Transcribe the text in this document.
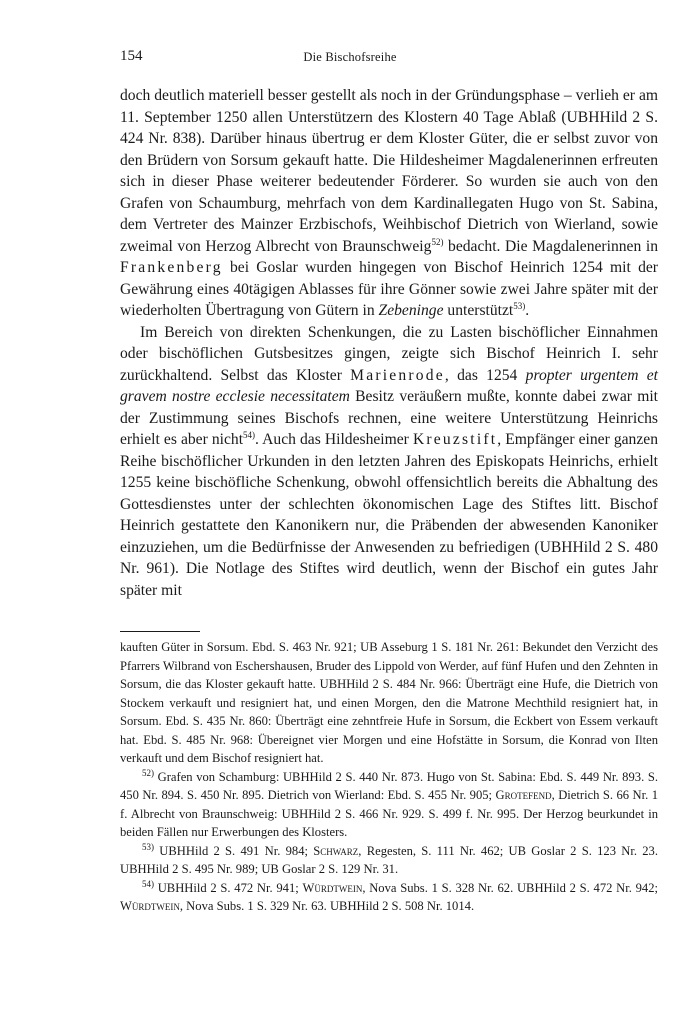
154	Die Bischofsreihe

doch deutlich materiell besser gestellt als noch in der Gründungsphase – verlieh er am 11. September 1250 allen Unterstützern des Klostern 40 Tage Ablaß (UBHHild 2 S. 424 Nr. 838). Darüber hinaus übertrug er dem Kloster Güter, die er selbst zuvor von den Brüdern von Sorsum gekauft hatte. Die Hildesheimer Magdalenerinnen erfreuten sich in dieser Phase weiterer bedeutender Förderer. So wurden sie auch von den Grafen von Schaumburg, mehrfach von dem Kardinallegaten Hugo von St. Sabina, dem Vertreter des Mainzer Erzbischofs, Weihbischof Dietrich von Wierland, sowie zweimal von Herzog Albrecht von Braunschweig$^{52)}$ bedacht. Die Magdalenerinnen in Frankenberg bei Goslar wurden hingegen von Bischof Heinrich 1254 mit der Gewährung eines 40tägigen Ablasses für ihre Gönner sowie zwei Jahre später mit der wiederholten Übertragung von Gütern in Zebeninge unterstützt$^{53)}$.

Im Bereich von direkten Schenkungen, die zu Lasten bischöflicher Einnahmen oder bischöflichen Gutsbesitzes gingen, zeigte sich Bischof Heinrich I. sehr zurückhaltend. Selbst das Kloster Marienrode, das 1254 propter urgentem et gravem nostre ecclesie necessitatem Besitz veräußern mußte, konnte dabei zwar mit der Zustimmung seines Bischofs rechnen, eine weitere Unterstützung Heinrichs erhielt es aber nicht$^{54)}$. Auch das Hildesheimer Kreuzstift, Empfänger einer ganzen Reihe bischöflicher Urkunden in den letzten Jahren des Episkopats Heinrichs, erhielt 1255 keine bischöfliche Schenkung, obwohl offensichtlich bereits die Abhaltung des Gottesdienstes unter der schlechten ökonomischen Lage des Stiftes litt. Bischof Heinrich gestattete den Kanonikern nur, die Präbenden der abwesenden Kanoniker einzuziehen, um die Bedürfnisse der Anwesenden zu befriedigen (UBHHild 2 S. 480 Nr. 961). Die Notlage des Stiftes wird deutlich, wenn der Bischof ein gutes Jahr später mit

kauften Güter in Sorsum. Ebd. S. 463 Nr. 921; UB Asseburg 1 S. 181 Nr. 261: Bekundet den Verzicht des Pfarrers Wilbrand von Eschershausen, Bruder des Lippold von Werder, auf fünf Hufen und den Zehnten in Sorsum, die das Kloster gekauft hatte. UBHHild 2 S. 484 Nr. 966: Überträgt eine Hufe, die Dietrich von Stockem verkauft und resigniert hat, und einen Morgen, den die Matrone Mechthild resigniert hat, in Sorsum. Ebd. S. 435 Nr. 860: Überträgt eine zehntfreie Hufe in Sorsum, die Eckbert von Essem verkauft hat. Ebd. S. 485 Nr. 968: Übereignet vier Morgen und eine Hofstätte in Sorsum, die Konrad von Ilten verkauft und dem Bischof resigniert hat.

$^{52)}$ Grafen von Schamburg: UBHHild 2 S. 440 Nr. 873. Hugo von St. Sabina: Ebd. S. 449 Nr. 893. S. 450 Nr. 894. S. 450 Nr. 895. Dietrich von Wierland: Ebd. S. 455 Nr. 905; Grotefend, Dietrich S. 66 Nr. 1 f. Albrecht von Braunschweig: UBHHild 2 S. 466 Nr. 929. S. 499 f. Nr. 995. Der Herzog beurkundet in beiden Fällen nur Erwerbungen des Klosters.

$^{53)}$ UBHHild 2 S. 491 Nr. 984; Schwarz, Regesten, S. 111 Nr. 462; UB Goslar 2 S. 123 Nr. 23. UBHHild 2 S. 495 Nr. 989; UB Goslar 2 S. 129 Nr. 31.

$^{54)}$ UBHHild 2 S. 472 Nr. 941; Würdtwein, Nova Subs. 1 S. 328 Nr. 62. UBHHild 2 S. 472 Nr. 942; Würdtwein, Nova Subs. 1 S. 329 Nr. 63. UBHHild 2 S. 508 Nr. 1014.
